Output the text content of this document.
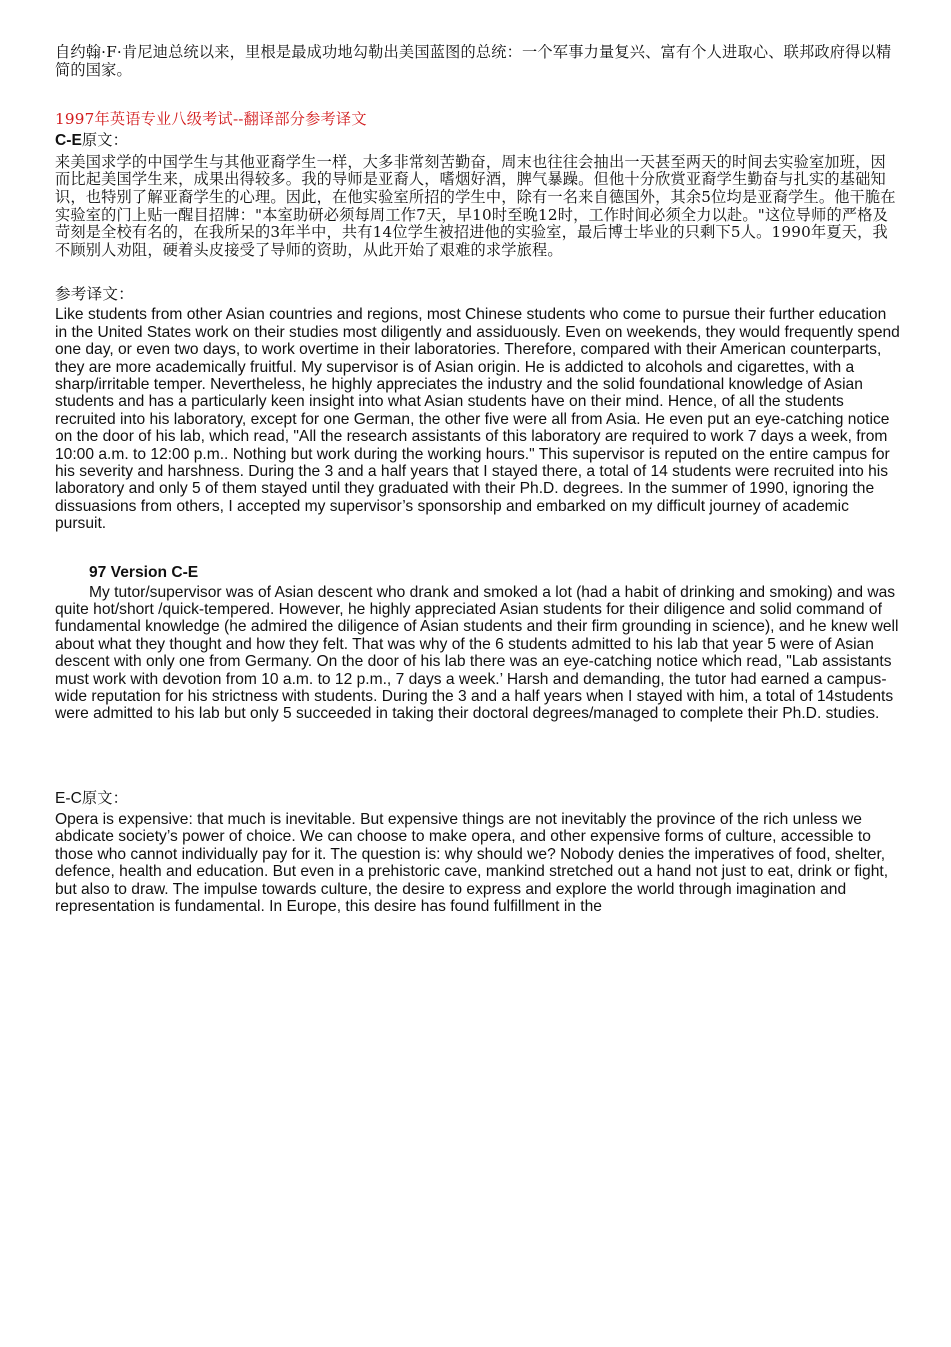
自约翰·F·肯尼迪总统以来，里根是最成功地勾勒出美国蓝图的总统：一个军事力量复兴、富有个人进取心、联邦政府得以精简的国家。

1997年英语专业八级考试--翻译部分参考译文

C-E原文：

来美国求学的中国学生与其他亚裔学生一样，大多非常刻苦勤奋，周末也往往会抽出一天甚至两天的时间去实验室加班，因而比起美国学生来，成果出得较多。我的导师是亚裔人，嗜烟好酒，脾气暴躁。但他十分欣赏亚裔学生勤奋与扎实的基础知识，也特别了解亚裔学生的心理。因此，在他实验室所招的学生中，除有一名来自德国外，其余5位均是亚裔学生。他干脆在实验室的门上贴一醒目招牌："本室助研必须每周工作7天，早10时至晚12时，工作时间必须全力以赴。"这位导师的严格及苛刻是全校有名的，在我所呆的3年半中，共有14位学生被招进他的实验室，最后博士毕业的只剩下5人。1990年夏天，我不顾别人劝阻，硬着头皮接受了导师的资助，从此开始了艰难的求学旅程。

参考译文：

Like students from other Asian countries and regions, most Chinese students who come to pursue their further education in the United States work on their studies most diligently and assiduously. Even on weekends, they would frequently spend one day, or even two days, to work overtime in their laboratories. Therefore, compared with their American counterparts, they are more academically fruitful. My supervisor is of Asian origin. He is addicted to alcohols and cigarettes, with a sharp/irritable temper. Nevertheless, he highly appreciates the industry and the solid foundational knowledge of Asian students and has a particularly keen insight into what Asian students have on their mind. Hence, of all the students recruited into his laboratory, except for one German, the other five were all from Asia. He even put an eye-catching notice on the door of his lab, which read, "All the research assistants of this laboratory are required to work 7 days a week, from 10:00 a.m. to 12:00 p.m.. Nothing but work during the working hours." This supervisor is reputed on the entire campus for his severity and harshness. During the 3 and a half years that I stayed there, a total of 14 students were recruited into his laboratory and only 5 of them stayed until they graduated with their Ph.D. degrees. In the summer of 1990, ignoring the dissuasions from others, I accepted my supervisor’s sponsorship and embarked on my difficult journey of academic pursuit.

97 Version C-E

My tutor/supervisor was of Asian descent who drank and smoked a lot (had a habit of drinking and smoking) and was quite hot/short /quick-tempered. However, he highly appreciated Asian students for their diligence and solid command of fundamental knowledge (he admired the diligence of Asian students and their firm grounding in science), and he knew well about what they thought and how they felt. That was why of the 6 students admitted to his lab that year 5 were of Asian descent with only one from Germany. On the door of his lab there was an eye-catching notice which read, "Lab assistants must work with devotion from 10 a.m. to 12 p.m., 7 days a week.’ Harsh and demanding, the tutor had earned a campus-wide reputation for his strictness with students. During the 3 and a half years when I stayed with him, a total of 14students were admitted to his lab but only 5 succeeded in taking their doctoral degrees/managed to complete their Ph.D. studies.

E-C原文：

Opera is expensive: that much is inevitable. But expensive things are not inevitably the province of the rich unless we abdicate society’s power of choice. We can choose to make opera, and other expensive forms of culture, accessible to those who cannot individually pay for it. The question is: why should we? Nobody denies the imperatives of food, shelter, defence, health and education. But even in a prehistoric cave, mankind stretched out a hand not just to eat, drink or fight, but also to draw. The impulse towards culture, the desire to express and explore the world through imagination and representation is fundamental. In Europe, this desire has found fulfillment in the
